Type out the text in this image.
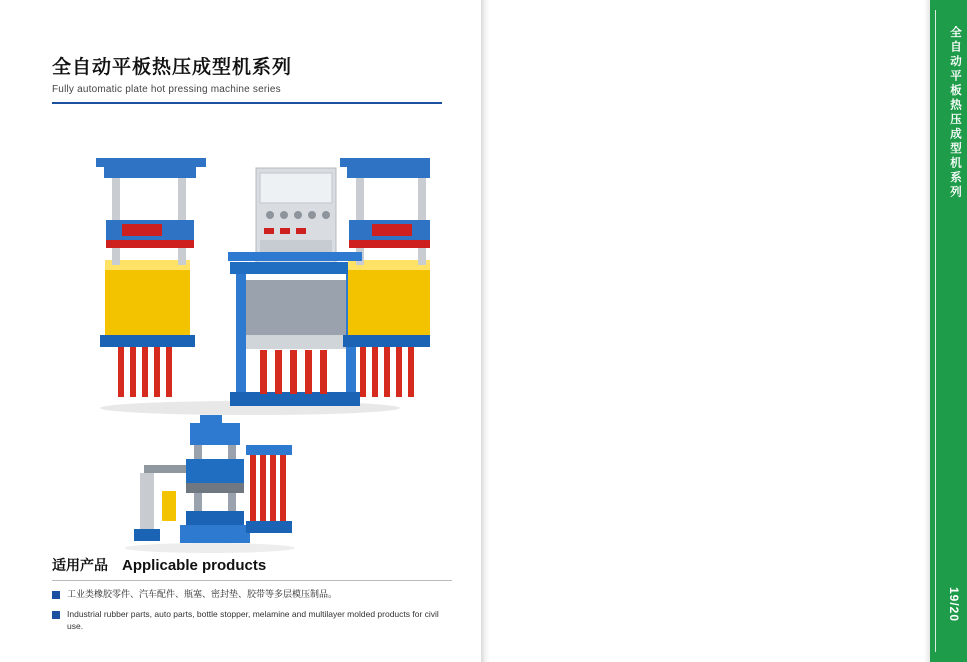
全自动平板热压成型机系列
Fully automatic plate hot pressing machine series
适用产品 Applicable products
工业类橡胶零件、汽车配件、瓶塞、密封垫、胶带等多层模压制品。
Industrial rubber parts, auto parts, bottle stopper, melamine and multilayer molded products for civil use.

全自动平板热压成型机系列
19/20
